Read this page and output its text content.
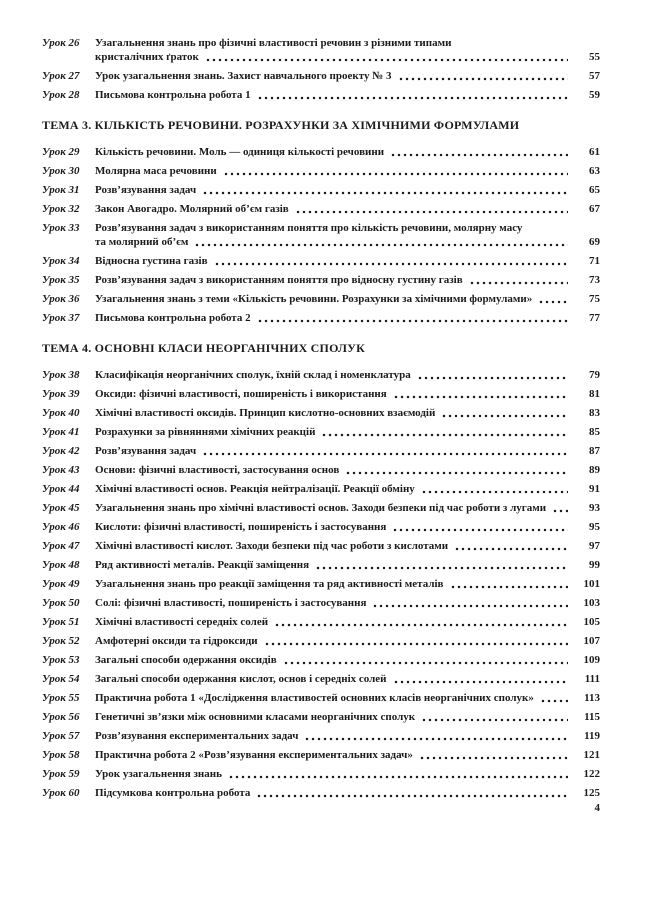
Урок 26	Узагальнення знань про фізичні властивості речовин з різними типами
кристалічних ґраток	55
Урок 27	Урок узагальнення знань. Захист навчального проекту № 3	57
Урок 28	Письмова контрольна робота 1	59
ТЕМА 3. КІЛЬКІСТЬ РЕЧОВИНИ. РОЗРАХУНКИ ЗА ХІМІЧНИМИ ФОРМУЛАМИ
Урок 29	Кількість речовини. Моль — одиниця кількості речовини	61
Урок 30	Молярна маса речовини	63
Урок 31	Розв’язування задач	65
Урок 32	Закон Авогадро. Молярний об’єм газів	67
Урок 33	Розв’язування задач з використанням поняття про кількість речовини, молярну масу
та молярний об’єм	69
Урок 34	Відносна густина газів	71
Урок 35	Розв’язування задач з використанням поняття про відносну густину газів	73
Урок 36	Узагальнення знань з теми «Кількість речовини. Розрахунки за хімічними формулами»	75
Урок 37	Письмова контрольна робота 2	77
ТЕМА 4. ОСНОВНІ КЛАСИ НЕОРГАНІЧНИХ СПОЛУК
Урок 38	Класифікація неорганічних сполук, їхній склад і номенклатура	79
Урок 39	Оксиди: фізичні властивості, поширеність і використання	81
Урок 40	Хімічні властивості оксидів. Принцип кислотно-основних взаємодій	83
Урок 41	Розрахунки за рівняннями хімічних реакцій	85
Урок 42	Розв’язування задач	87
Урок 43	Основи: фізичні властивості, застосування основ	89
Урок 44	Хімічні властивості основ. Реакція нейтралізації. Реакції обміну	91
Урок 45	Узагальнення знань про хімічні властивості основ. Заходи безпеки під час роботи з лугами	93
Урок 46	Кислоти: фізичні властивості, поширеність і застосування	95
Урок 47	Хімічні властивості кислот. Заходи безпеки під час роботи з кислотами	97
Урок 48	Ряд активності металів. Реакції заміщення	99
Урок 49	Узагальнення знань про реакції заміщення та ряд активності металів	101
Урок 50	Солі: фізичні властивості, поширеність і застосування	103
Урок 51	Хімічні властивості середніх солей	105
Урок 52	Амфотерні оксиди та гідроксиди	107
Урок 53	Загальні способи одержання оксидів	109
Урок 54	Загальні способи одержання кислот, основ і середніх солей	111
Урок 55	Практична робота 1 «Дослідження властивостей основних класів неорганічних сполук»	113
Урок 56	Генетичні зв’язки між основними класами неорганічних сполук	115
Урок 57	Розв’язування експериментальних задач	119
Урок 58	Практична робота 2 «Розв’язування експериментальних задач»	121
Урок 59	Урок узагальнення знань	122
Урок 60	Підсумкова контрольна робота	125
4
